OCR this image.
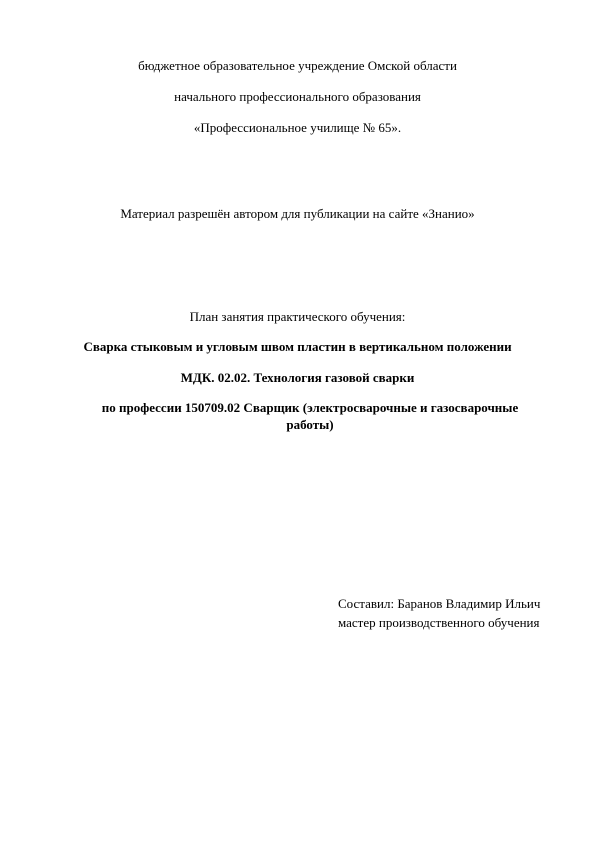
бюджетное образовательное учреждение Омской области
начального профессионального образования
«Профессиональное училище № 65».
Материал разрешён автором для публикации на сайте «Знанио»
План занятия практического обучения:
Сварка стыковым и угловым швом пластин в вертикальном положении
МДК. 02.02. Технология газовой сварки
по профессии 150709.02 Сварщик (электросварочные и газосварочные работы)
Составил: Баранов Владимир Ильич
мастер производственного обучения
